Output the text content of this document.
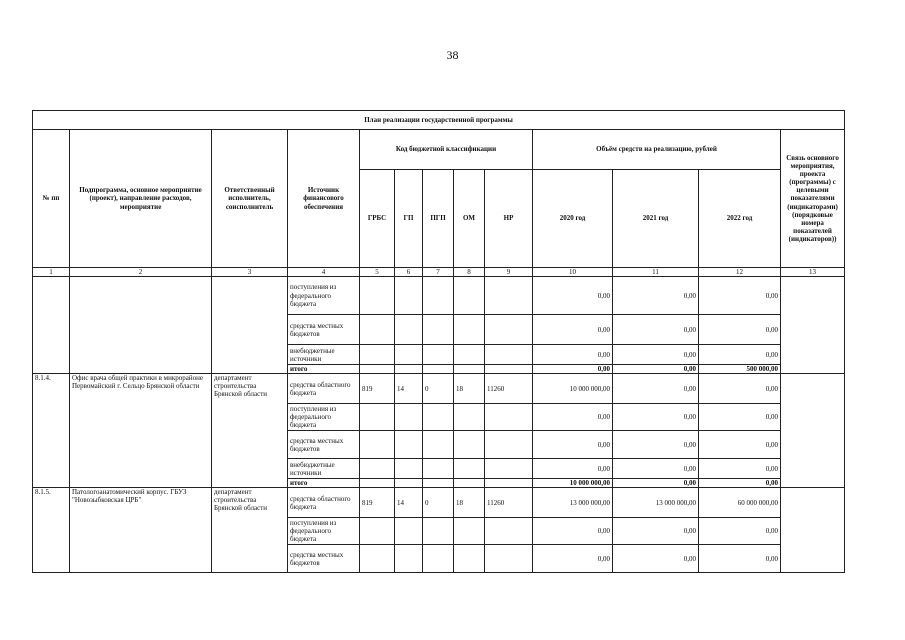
38
План реализации государственной программы												
№ пп	Подпрограмма, основное мероприятие (проект), направление расходов, мероприятие	Ответственный исполнитель, соисполнитель	Источник финансового обеспечения	Код бюджетной классификации					Объём средств на реализацию, рублей			Связь основного мероприятия, проекта (программы) с целевыми показателями (индикаторами) (порядковые номера показателей (индикаторов))
				ГРБС	ГП	ПГП	ОМ	НР	2020 год	2021 год	2022 год	
1	2	3	4	5	6	7	8	9	10	11	12	13
			поступления из федерального бюджета						0,00	0,00	0,00	
			средства местных бюджетов						0,00	0,00	0,00	
			внебюджетные источники						0,00	0,00	0,00	
			итого						0,00	0,00	500 000,00	
8.1.4.	Офис врача общей практики в микрорайоне Первомайский г. Сельцо Брянской области	департамент строительства Брянской области	средства областного бюджета	819	14	0	18	11260	10 000 000,00	0,00	0,00	
			поступления из федерального бюджета						0,00	0,00	0,00	
			средства местных бюджетов						0,00	0,00	0,00	
			внебюджетные источники						0,00	0,00	0,00	
			итого						10 000 000,00	0,00	0,00	
8.1.5.	Патологоанатомический корпус. ГБУЗ "Новозыбковская ЦРБ"	департамент строительства Брянской области	средства областного бюджета	819	14	0	18	11260	13 000 000,00	13 000 000,00	60 000 000,00	
			поступления из федерального бюджета						0,00	0,00	0,00	
			средства местных бюджетов						0,00	0,00	0,00	
